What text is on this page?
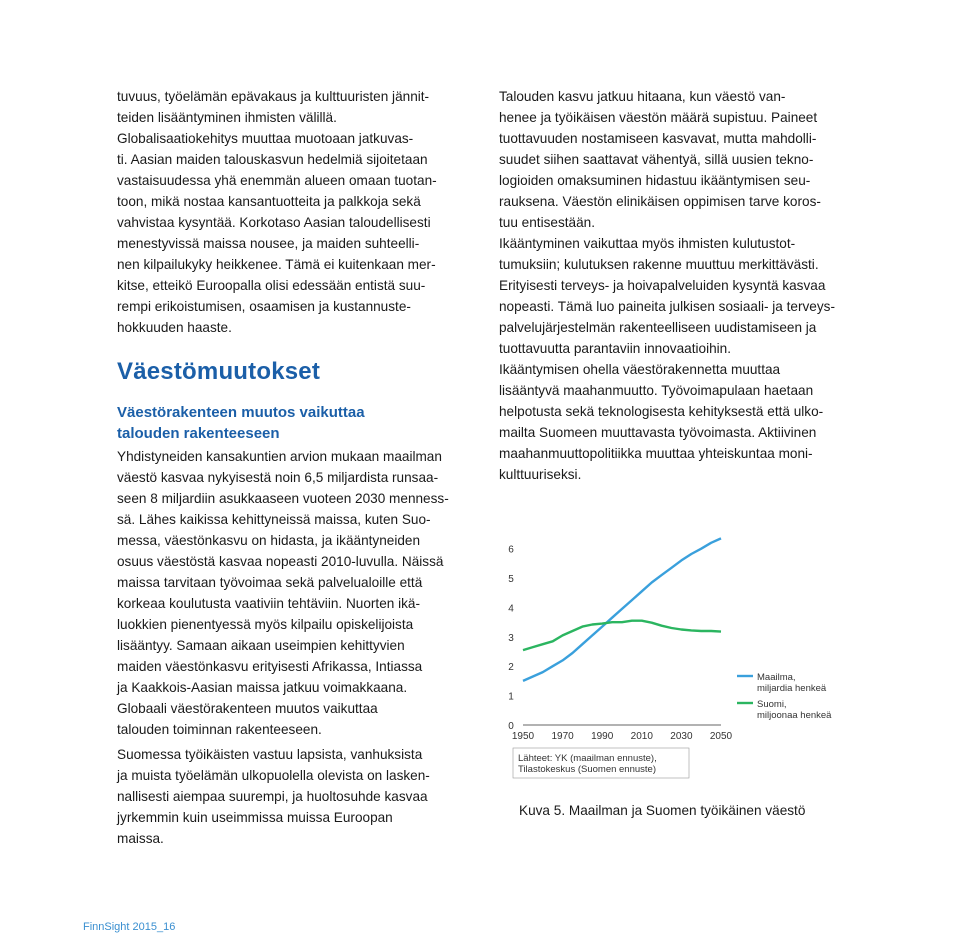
tuvuus, työelämän epävakaus ja kulttuuristen jännit-
teiden lisääntyminen ihmisten välillä.
Globalisaatiokehitys muuttaa muotoaan jatkuvas-
ti. Aasian maiden talouskasvun hedelmiä sijoitetaan
vastaisuudessa yhä enemmän alueen omaan tuotan-
toon, mikä nostaa kansantuotteita ja palkkoja sekä
vahvistaa kysyntää. Korkotaso Aasian taloudellisesti
menestyvissä maissa nousee, ja maiden suhteelli-
nen kilpailukyky heikkenee. Tämä ei kuitenkaan mer-
kitse, etteikö Euroopalla olisi edessään entistä suu-
rempi erikoistumisen, osaamisen ja kustannuste-
hokkuuden haaste.
Väestömuutokset
Väestörakenteen muutos vaikuttaa
talouden rakenteeseen
Yhdistyneiden kansakuntien arvion mukaan maailman
väestö kasvaa nykyisestä noin 6,5 miljardista runsaa-
seen 8 miljardiin asukkaaseen vuoteen 2030 menness-
sä. Lähes kaikissa kehittyneissä maissa, kuten Suo-
messa, väestönkasvu on hidasta, ja ikääntyneiden
osuus väestöstä kasvaa nopeasti 2010-luvulla. Näissä
maissa tarvitaan työvoimaa sekä palvelualoille että
korkeaa koulutusta vaativiin tehtäviin. Nuorten ikä-
luokkien pienentyessä myös kilpailu opiskelijoista
lisääntyy. Samaan aikaan useimpien kehittyvien
maiden väestönkasvu erityisesti Afrikassa, Intiassa
ja Kaakkois-Aasian maissa jatkuu voimakkaana.
Globaali väestörakenteen muutos vaikuttaa
talouden toiminnan rakenteeseen.

Suomessa työikäisten vastuu lapsista, vanhuksista
ja muista työelämän ulkopuolella olevista on lasken-
nallisesti aiempaa suurempi, ja huoltosuhde kasvaa
jyrkemmin kuin useimmissa muissa Euroopan
maissa.
Talouden kasvu jatkuu hitaana, kun väestö van-
henee ja työikäisen väestön määrä supistuu. Paineet
tuottavuuden nostamiseen kasvavat, mutta mahdolli-
suudet siihen saattavat vähentyä, sillä uusien tekno-
logioiden omaksuminen hidastuu ikääntymisen seu-
rauksena. Väestön elinikäisen oppimisen tarve koros-
tuu entisestään.
Ikääntyminen vaikuttaa myös ihmisten kulutustot-
tumuksiin; kulutuksen rakenne muuttuu merkittävästi.
Erityisesti terveys- ja hoivapalveluiden kysyntä kasvaa
nopeasti. Tämä luo paineita julkisen sosiaali- ja terveys-
palvelujärjestelmän rakenteelliseen uudistamiseen ja
tuottavuutta parantaviin innovaatioihin.
Ikääntymisen ohella väestörakennetta muuttaa
lisääntyvä maahanmuutto. Työvoimapulaan haetaan
helpotusta sekä teknologisesta kehityksestä että ulko-
mailta Suomeen muuttavasta työvoimasta. Aktiivinen
maahanmuuttopolitiikka muuttaa yhteiskuntaa moni-
kulttuuriseksi.
0
1
2
3
4
5
6
1950 1970 1990 2010 2030 2050
Lähteet: YK (maailman ennuste),
Tilastokeskus (Suomen ennuste)
Maailma,
miljardia henkeä
Suomi,
miljoonaa henkeä
Kuva 5. Maailman ja Suomen työikäinen väestö
FinnSight 2015_16
